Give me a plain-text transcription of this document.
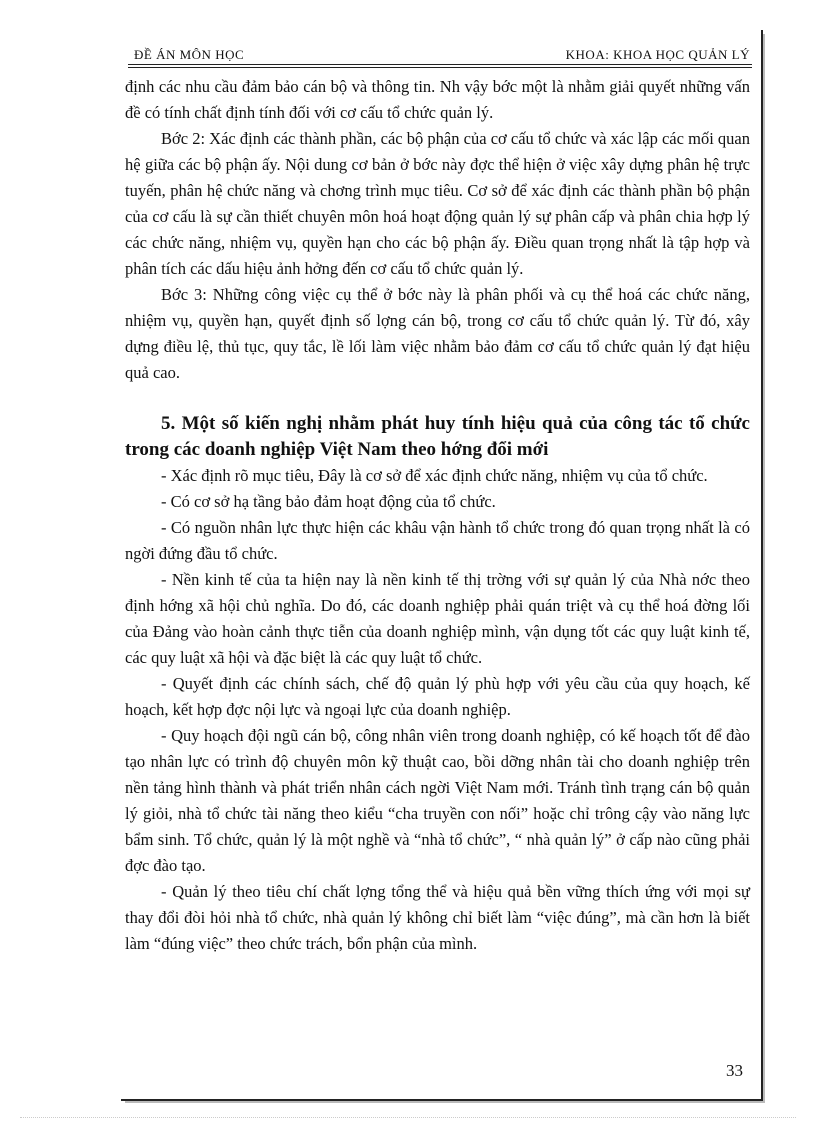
ĐỀ ÁN MÔN HỌC	KHOA: KHOA HỌC QUẢN LÝ

định các nhu cầu đảm bảo cán bộ và thông tin. Nh vậy bớc một là nhằm giải quyết những vấn đề có tính chất định tính đối với cơ cấu tổ chức quản lý.

Bớc 2: Xác định các thành phần, các bộ phận của cơ cấu tổ chức và xác lập các mối quan hệ giữa các bộ phận ấy. Nội dung cơ bản ở bớc này đợc thể hiện ở việc xây dựng phân hệ trực tuyến, phân hệ chức năng và chơng trình mục tiêu. Cơ sở để xác định các thành phần bộ phận của cơ cấu là sự cần thiết chuyên môn hoá hoạt động quản lý sự phân cấp và phân chia hợp lý các chức năng, nhiệm vụ, quyền hạn cho các bộ phận ấy. Điều quan trọng nhất là tập hợp và phân tích các dấu hiệu ảnh hởng đến cơ cấu tổ chức quản lý.

Bớc 3: Những công việc cụ thể ở bớc này là phân phối và cụ thể hoá các chức năng, nhiệm vụ, quyền hạn, quyết định số lợng cán bộ, trong cơ cấu tổ chức quản lý. Từ đó, xây dựng điều lệ, thủ tục, quy tắc, lề lối làm việc nhằm bảo đảm cơ cấu tổ chức quản lý đạt hiệu quả cao.

5. Một số kiến nghị nhằm phát huy tính hiệu quả của công tác tổ chức trong các doanh nghiệp Việt Nam theo hớng đổi mới

- Xác định rõ mục tiêu, Đây là cơ sở để xác định chức năng, nhiệm vụ của tổ chức.

- Có cơ sở hạ tầng bảo đảm hoạt động của tổ chức.

- Có nguồn nhân lực thực hiện các khâu vận hành tổ chức trong đó quan trọng nhất là có ngời đứng đầu tổ chức.

- Nền kinh tế của ta hiện nay là nền kinh tế thị trờng với sự quản lý của Nhà nớc theo định hớng xã hội chủ nghĩa. Do đó, các doanh nghiệp phải quán triệt và cụ thể hoá đờng lối của Đảng vào hoàn cảnh thực tiễn của doanh nghiệp mình, vận dụng tốt các quy luật kinh tế, các quy luật xã hội và đặc biệt là các quy luật tổ chức.

- Quyết định các chính sách, chế độ quản lý phù hợp với yêu cầu của quy hoạch, kế hoạch, kết hợp đợc nội lực và ngoại lực của doanh nghiệp.

- Quy hoạch đội ngũ cán bộ, công nhân viên trong doanh nghiệp, có kế hoạch tốt để đào tạo nhân lực có trình độ chuyên môn kỹ thuật cao, bồi dỡng nhân tài cho doanh nghiệp trên nền tảng hình thành và phát triển nhân cách ngời Việt Nam mới. Tránh tình trạng cán bộ quản lý giỏi, nhà tổ chức tài năng theo kiểu “cha truyền con nối” hoặc chỉ trông cậy vào năng lực bẩm sinh. Tổ chức, quản lý là một nghề và “nhà tổ chức”, “ nhà quản lý” ở cấp nào cũng phải đợc đào tạo.

- Quản lý theo tiêu chí chất lợng tổng thể và hiệu quả bền vững thích ứng với mọi sự thay đổi đòi hỏi nhà tổ chức, nhà quản lý không chỉ biết làm “việc đúng”, mà cần hơn là biết làm “đúng việc” theo chức trách, bổn phận của mình.

33
